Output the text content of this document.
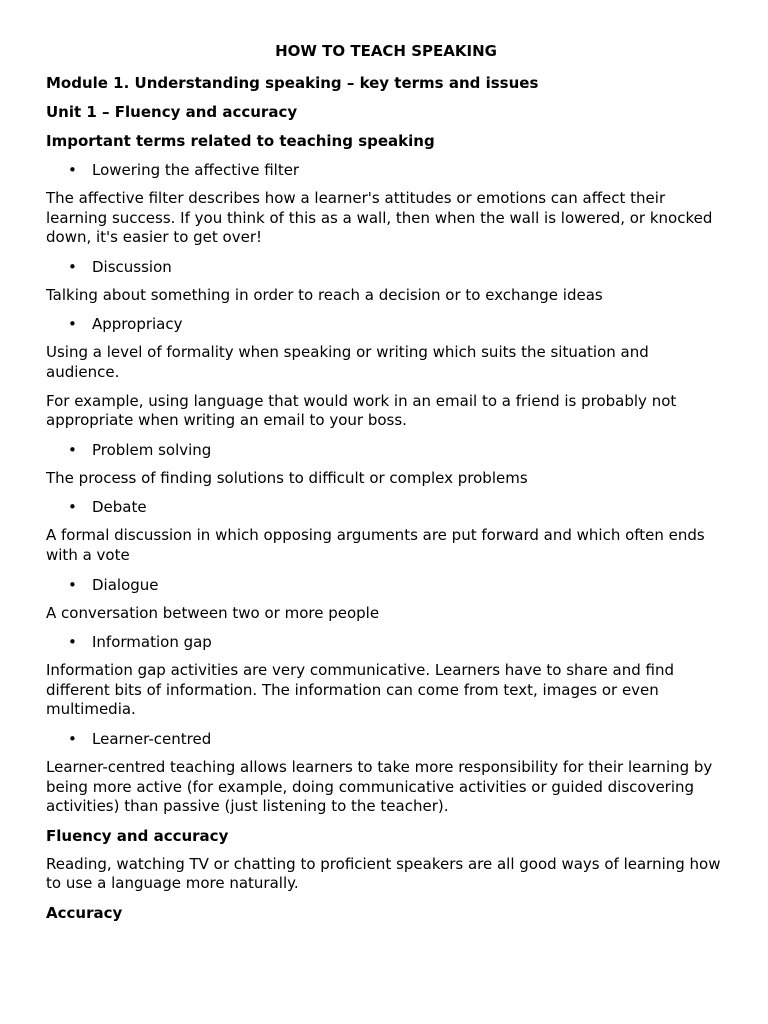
HOW TO TEACH SPEAKING
Module 1. Understanding speaking – key terms and issues
Unit 1 – Fluency and accuracy
Important terms related to teaching speaking
• Lowering the affective filter
The affective filter describes how a learner's attitudes or emotions can affect their learning success. If you think of this as a wall, then when the wall is lowered, or knocked down, it's easier to get over!
• Discussion
Talking about something in order to reach a decision or to exchange ideas
• Appropriacy
Using a level of formality when speaking or writing which suits the situation and audience.
For example, using language that would work in an email to a friend is probably not appropriate when writing an email to your boss.
• Problem solving
The process of finding solutions to difficult or complex problems
• Debate
A formal discussion in which opposing arguments are put forward and which often ends with a vote
• Dialogue
A conversation between two or more people
• Information gap
Information gap activities are very communicative. Learners have to share and find different bits of information. The information can come from text, images or even multimedia.
• Learner-centred
Learner-centred teaching allows learners to take more responsibility for their learning by being more active (for example, doing communicative activities or guided discovering activities) than passive (just listening to the teacher).
Fluency and accuracy
Reading, watching TV or chatting to proficient speakers are all good ways of learning how to use a language more naturally.
Accuracy
